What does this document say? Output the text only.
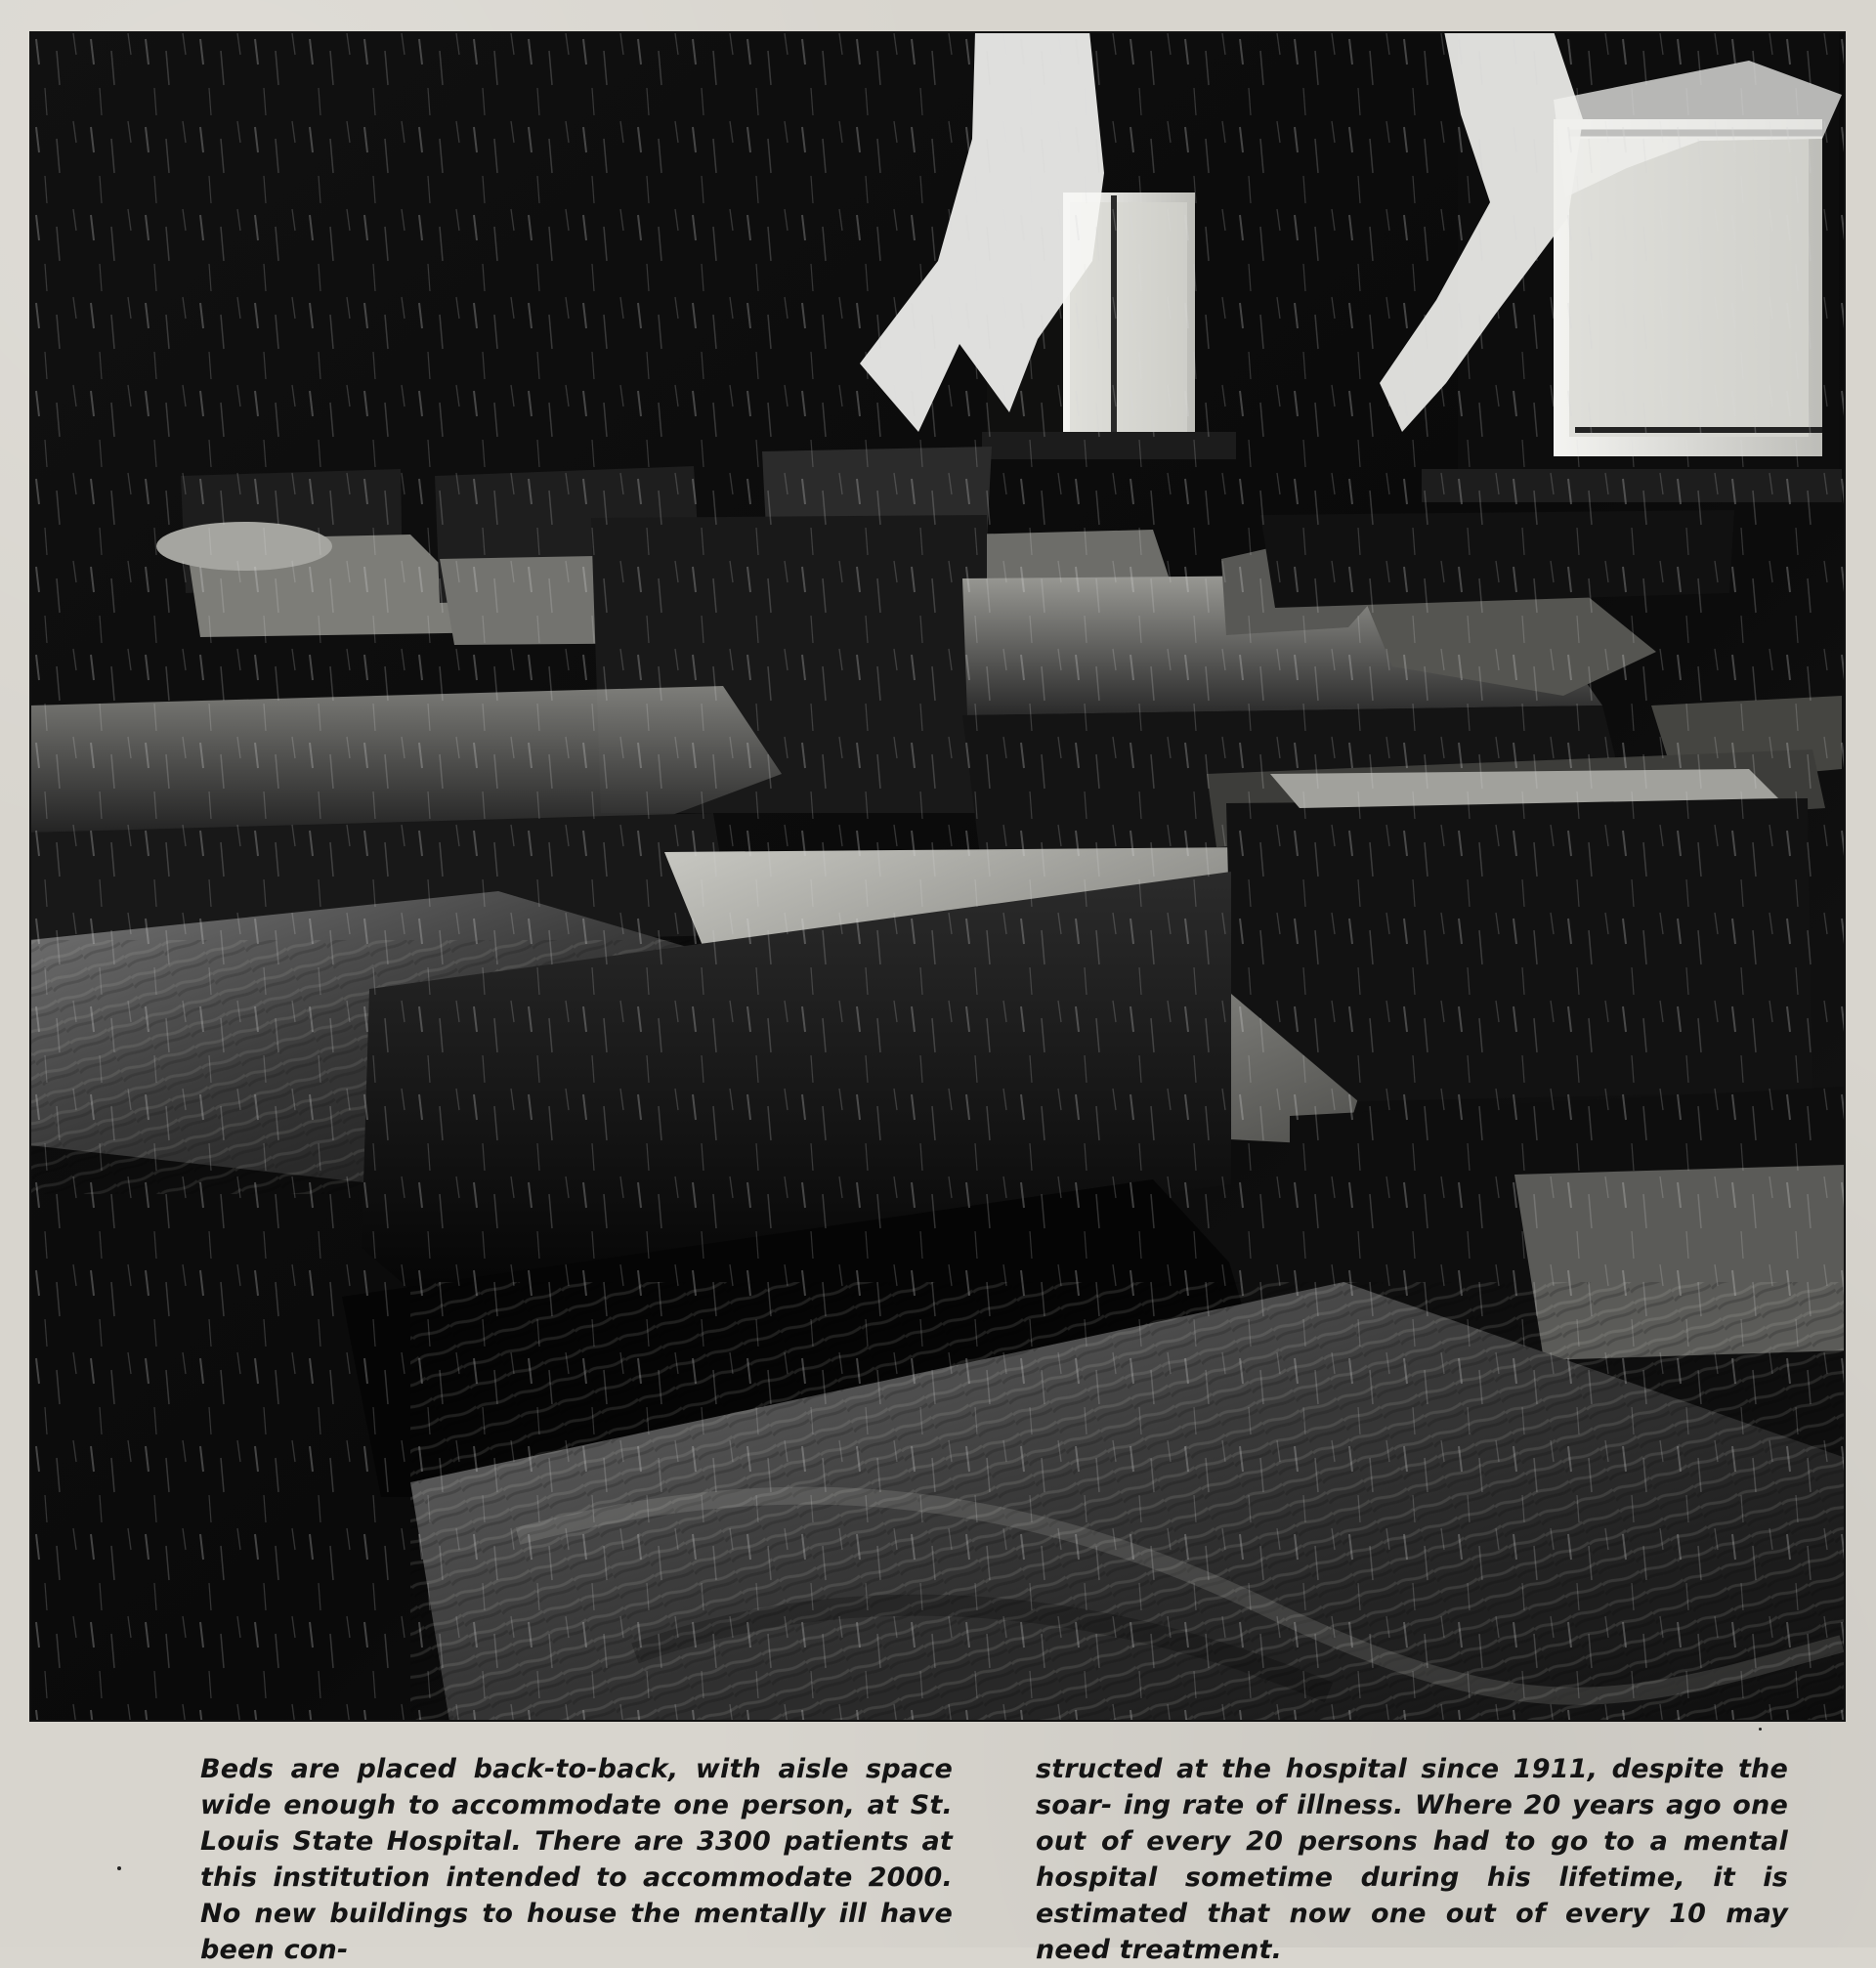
Beds are placed back-to-back, with aisle space wide enough to accommodate one person, at St. Louis State Hospital. There are 3300 patients at this institution intended to accommodate 2000. No new buildings to house the mentally ill have been con-
structed at the hospital since 1911, despite the soar- ing rate of illness. Where 20 years ago one out of every 20 persons had to go to a mental hospital sometime during his lifetime, it is estimated that now one out of every 10 may need treatment.
